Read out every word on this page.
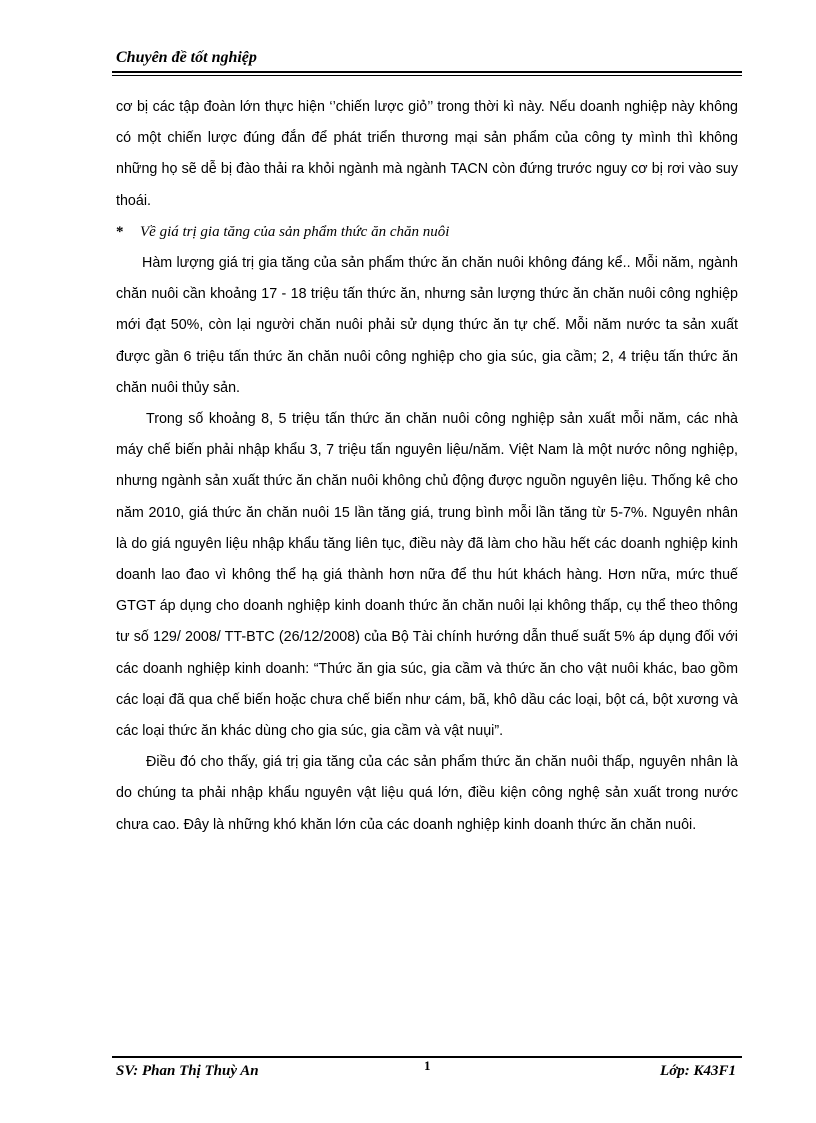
Chuyên đề tốt nghiệp

cơ bị các tập đoàn lớn thực hiện ‘’chiến lược giỏ’’ trong thời kì này. Nếu doanh nghiệp này không có một chiến lược đúng đắn để phát triển thương mại sản phẩm của công ty mình thì không những họ sẽ dễ bị đào thải ra khỏi ngành mà ngành TACN còn đứng trước nguy cơ bị rơi vào suy thoái.

* Về giá trị gia tăng của sản phẩm thức ăn chăn nuôi

Hàm lượng giá trị gia tăng của sản phẩm thức ăn chăn nuôi không đáng kể.. Mỗi năm, ngành chăn nuôi cần khoảng 17 - 18 triệu tấn thức ăn, nhưng sản lượng thức ăn chăn nuôi công nghiệp mới đạt 50%, còn lại người chăn nuôi phải sử dụng thức ăn tự chế. Mỗi năm nước ta sản xuất được gần 6 triệu tấn thức ăn chăn nuôi công nghiệp cho gia súc, gia cầm; 2, 4 triệu tấn thức ăn chăn nuôi thủy sản.

Trong số khoảng 8, 5 triệu tấn thức ăn chăn nuôi công nghiệp sản xuất mỗi năm, các nhà máy chế biến phải nhập khẩu 3, 7 triệu tấn nguyên liệu/năm. Việt Nam là một nước nông nghiệp, nhưng ngành sản xuất thức ăn chăn nuôi không chủ động được nguồn nguyên liệu. Thống kê cho năm 2010, giá thức ăn chăn nuôi 15 lần tăng giá, trung bình mỗi lần tăng từ 5-7%. Nguyên nhân là do giá nguyên liệu nhập khẩu tăng liên tục, điều này đã làm cho hầu hết các doanh nghiệp kinh doanh lao đao vì không thể hạ giá thành hơn nữa để thu hút khách hàng. Hơn nữa, mức thuế GTGT áp dụng cho doanh nghiệp kinh doanh thức ăn chăn nuôi lại không thấp, cụ thể theo thông tư số 129/ 2008/ TT-BTC (26/12/2008) của Bộ Tài chính hướng dẫn thuế suất 5% áp dụng đối với các doanh nghiệp kinh doanh: “Thức ăn gia súc, gia cầm và thức ăn cho vật nuôi khác, bao gồm các loại đã qua chế biến hoặc chưa chế biến như cám, bã, khô dầu các loại, bột cá, bột xương và các loại thức ăn khác dùng cho gia súc, gia cầm và vật nuụi”.

Điều đó cho thấy, giá trị gia tăng của các sản phẩm thức ăn chăn nuôi thấp, nguyên nhân là do chúng ta phải nhập khẩu nguyên vật liệu quá lớn, điều kiện công nghệ sản xuất trong nước chưa cao. Đây là những khó khăn lớn của các doanh nghiệp kinh doanh thức ăn chăn nuôi.

SV: Phan Thị Thuỳ An	1	Lớp: K43F1
